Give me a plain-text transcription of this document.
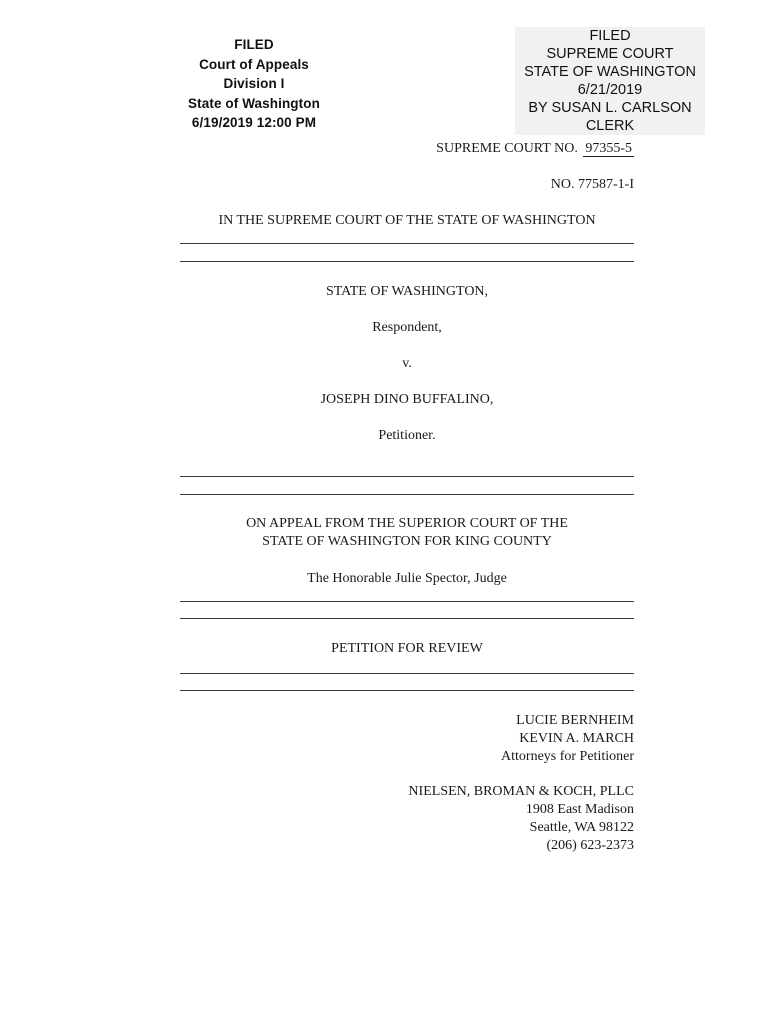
FILED
Court of Appeals
Division I
State of Washington
6/19/2019 12:00 PM
FILED
SUPREME COURT
STATE OF WASHINGTON
6/21/2019
BY SUSAN L. CARLSON
CLERK
SUPREME COURT NO. 97355-5
NO. 77587-1-I
IN THE SUPREME COURT OF THE STATE OF WASHINGTON
STATE OF WASHINGTON,
Respondent,
v.
JOSEPH DINO BUFFALINO,
Petitioner.
ON APPEAL FROM THE SUPERIOR COURT OF THE
STATE OF WASHINGTON FOR KING COUNTY
The Honorable Julie Spector, Judge
PETITION FOR REVIEW
LUCIE BERNHEIM
KEVIN A. MARCH
Attorneys for Petitioner
NIELSEN, BROMAN & KOCH, PLLC
1908 East Madison
Seattle, WA 98122
(206) 623-2373
